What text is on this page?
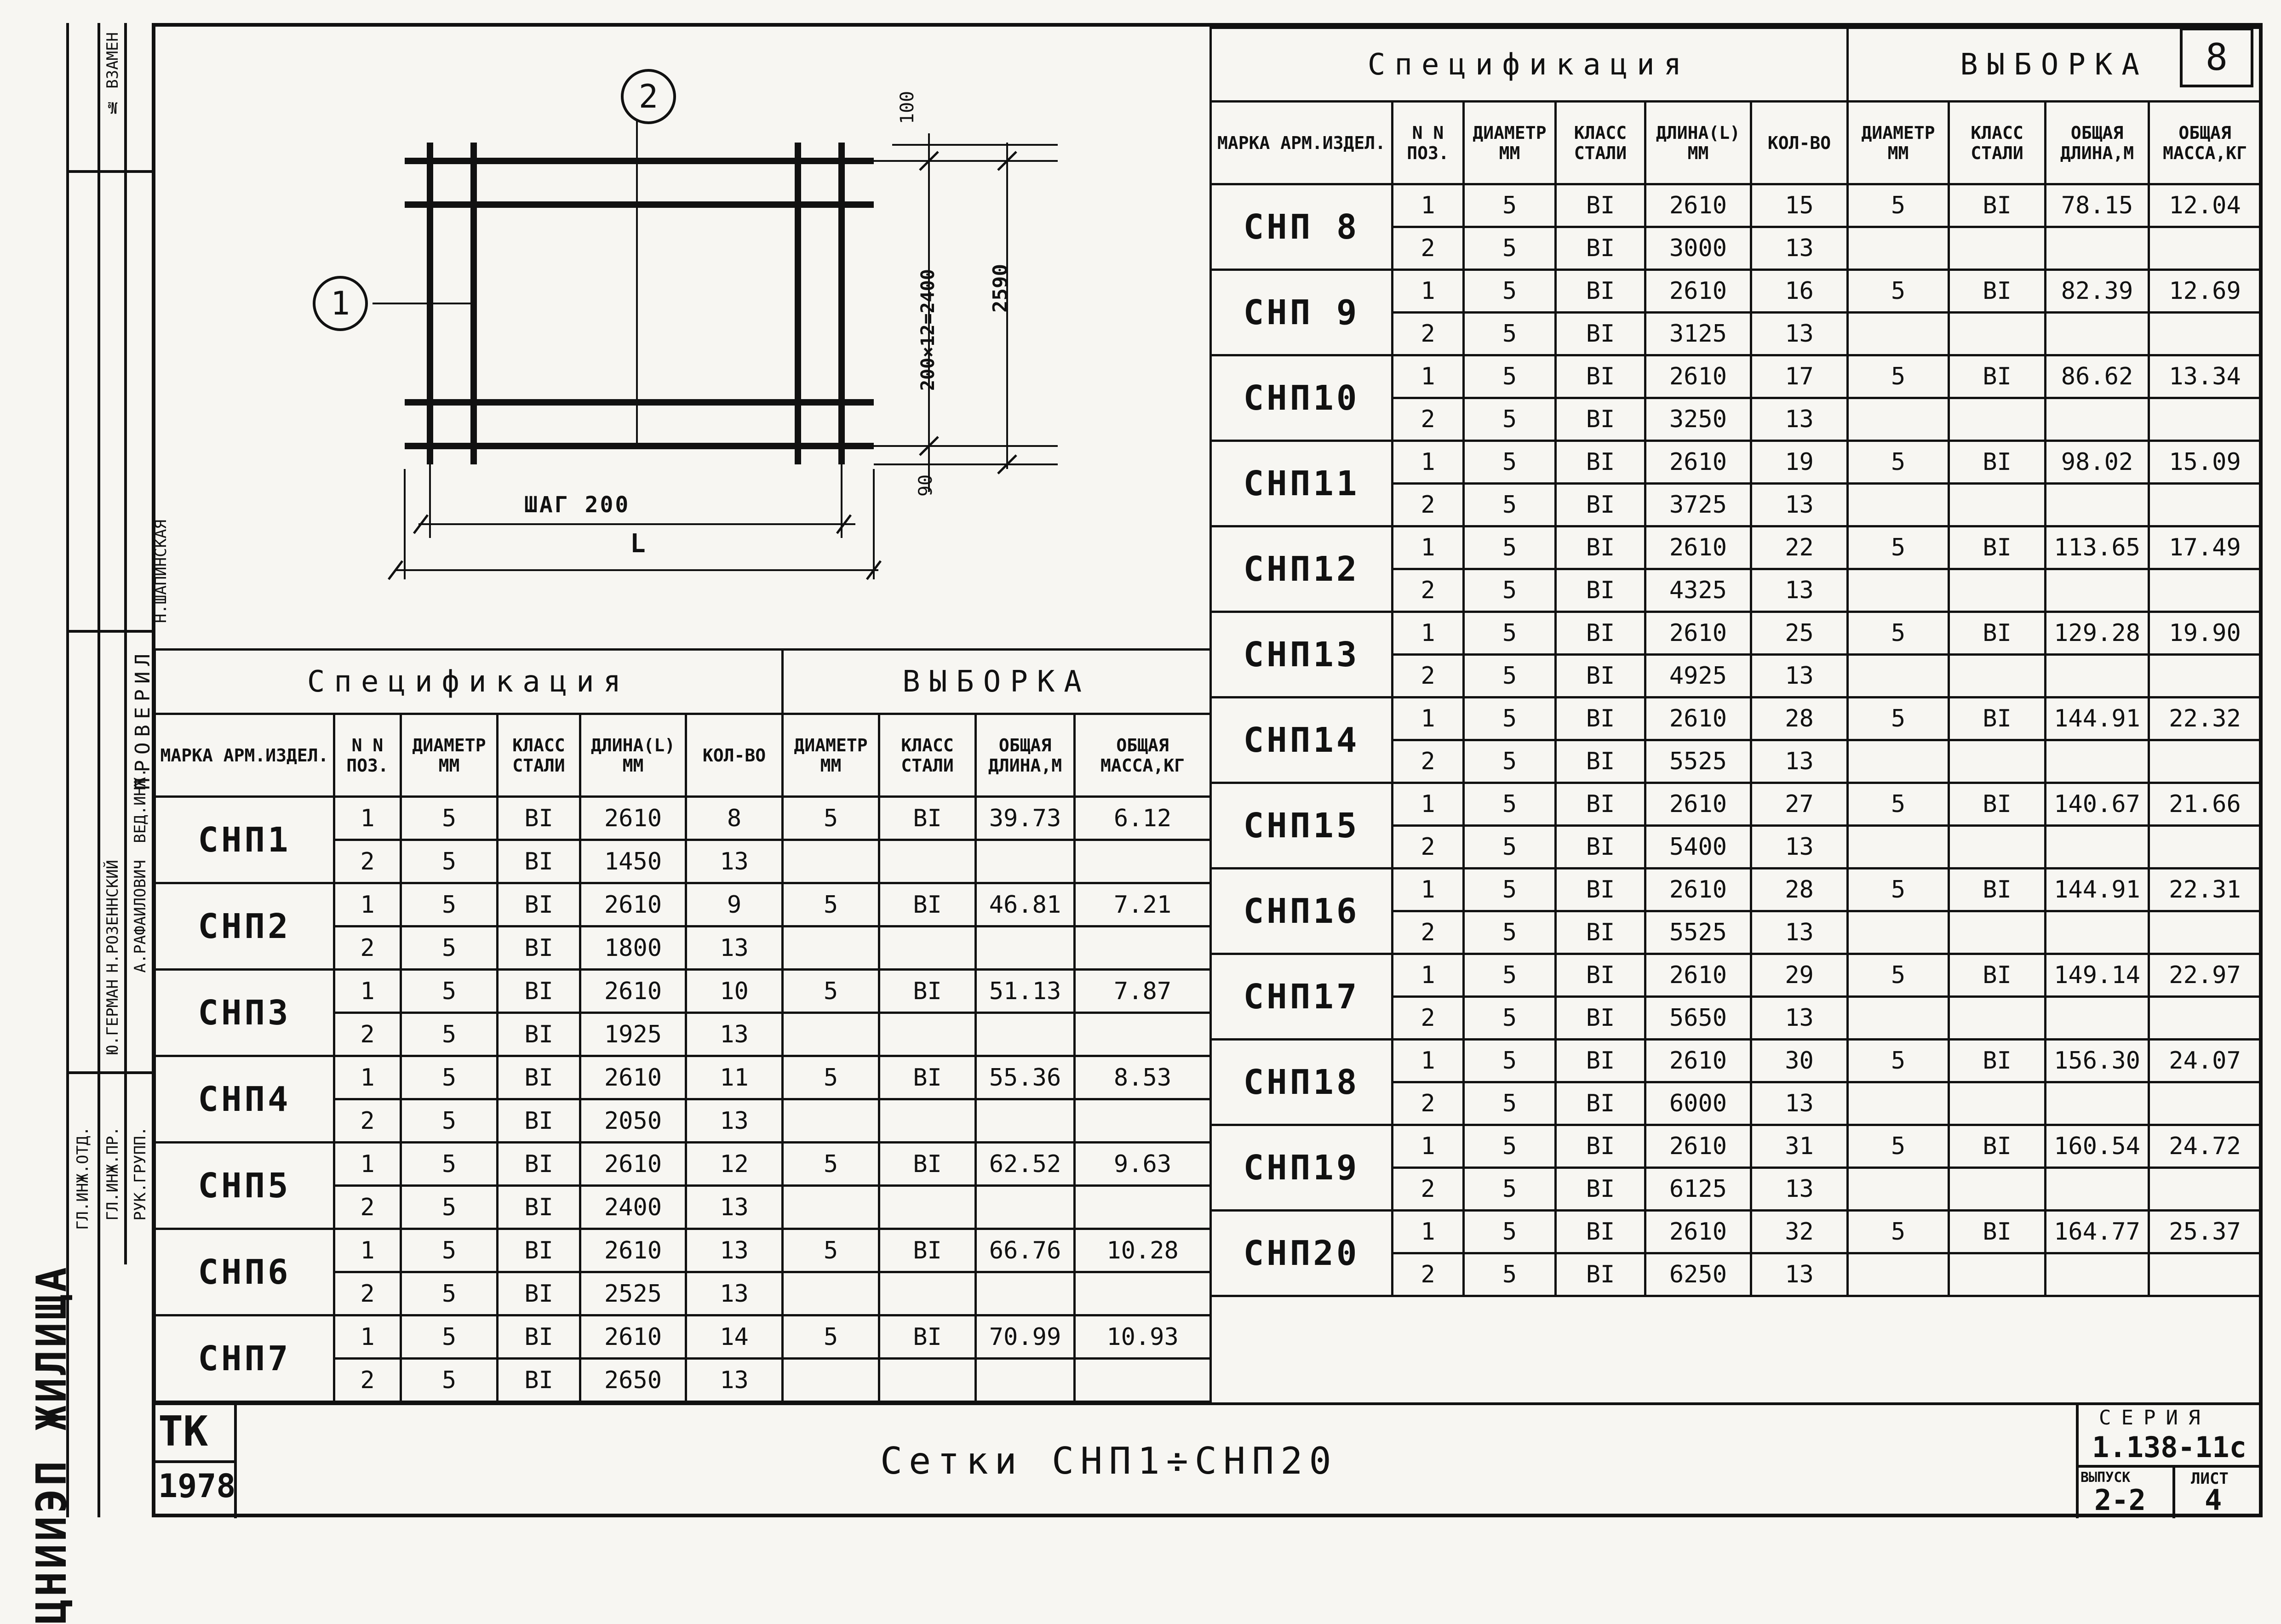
№ ВЗАМЕН
ПРОВЕРИЛ
Н.РОЗЕННСКИЙ
Ю.ГЕРМАН
А.РАФАИЛОВИЧ
Н.ШАПИНСКАЯ
ГЛ.ИНЖ.ОТД. ГЛ.ИНЖ.ПР. РУК.ГРУПП.
ВЕД.ИНЖ.
ЦНИИЭП ЖИЛИЩА
8
1
2	100
200×12=2400 2590
90
ШАГ 200
L
Спецификация						ВЫБОРКА			
МАРКА АРМ.ИЗДЕЛ.	N N ПОЗ.	ДИАМЕТР ММ	КЛАСС СТАЛИ	ДЛИНА(L) ММ	КОЛ-ВО	ДИАМЕТР ММ	КЛАСС СТАЛИ	ОБЩАЯ ДЛИНА,М	ОБЩАЯ МАССА,КГ
СНП1	1	5	BI	2610	8	5	BI	39.73	6.12
	2	5	BI	1450	13				
СНП2	1	5	BI	2610	9	5	BI	46.81	7.21
	2	5	BI	1800	13				
СНП3	1	5	BI	2610	10	5	BI	51.13	7.87
	2	5	BI	1925	13				
СНП4	1	5	BI	2610	11	5	BI	55.36	8.53
	2	5	BI	2050	13				
СНП5	1	5	BI	2610	12	5	BI	62.52	9.63
	2	5	BI	2400	13				
СНП6	1	5	BI	2610	13	5	BI	66.76	10.28
	2	5	BI	2525	13				
СНП7	1	5	BI	2610	14	5	BI	70.99	10.93
	2	5	BI	2650	13				
Спецификация						ВЫБОРКА			
МАРКА АРМ.ИЗДЕЛ.	N N ПОЗ.	ДИАМЕТР ММ	КЛАСС СТАЛИ	ДЛИНА(L) ММ	КОЛ-ВО	ДИАМЕТР ММ	КЛАСС СТАЛИ	ОБЩАЯ ДЛИНА,М	ОБЩАЯ МАССА,КГ
СНП 8	1	5	BI	2610	15	5	BI	78.15	12.04
	2	5	BI	3000	13				
СНП 9	1	5	BI	2610	16	5	BI	82.39	12.69
	2	5	BI	3125	13				
СНП10	1	5	BI	2610	17	5	BI	86.62	13.34
	2	5	BI	3250	13				
СНП11	1	5	BI	2610	19	5	BI	98.02	15.09
	2	5	BI	3725	13				
СНП12	1	5	BI	2610	22	5	BI	113.65	17.49
	2	5	BI	4325	13				
СНП13	1	5	BI	2610	25	5	BI	129.28	19.90
	2	5	BI	4925	13				
СНП14	1	5	BI	2610	28	5	BI	144.91	22.32
	2	5	BI	5525	13				
СНП15	1	5	BI	2610	27	5	BI	140.67	21.66
	2	5	BI	5400	13				
СНП16	1	5	BI	2610	28	5	BI	144.91	22.31
	2	5	BI	5525	13				
СНП17	1	5	BI	2610	29	5	BI	149.14	22.97
	2	5	BI	5650	13				
СНП18	1	5	BI	2610	30	5	BI	156.30	24.07
	2	5	BI	6000	13				
СНП19	1	5	BI	2610	31	5	BI	160.54	24.72
	2	5	BI	6125	13				
СНП20	1	5	BI	2610	32	5	BI	164.77	25.37
	2	5	BI	6250	13				
ТК
1978
Сетки СНП1÷СНП20
СЕРИЯ
1.138-11с
ВЫПУСК
2-2
ЛИСТ
4
